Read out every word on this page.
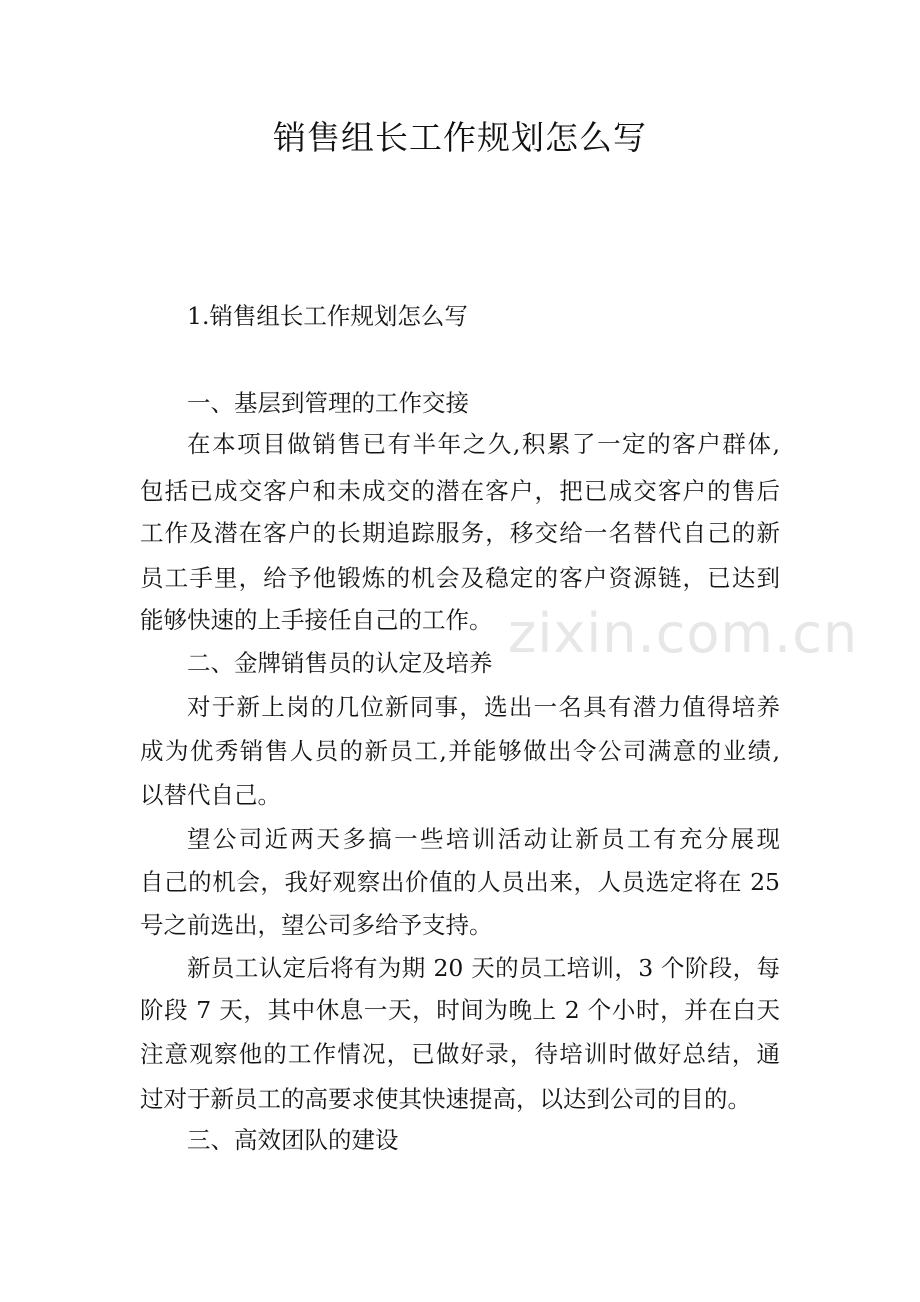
销售组长工作规划怎么写

1.销售组长工作规划怎么写

一、基层到管理的工作交接

在本项目做销售已有半年之久,积累了一定的客户群体,

包括已成交客户和未成交的潜在客户，把已成交客户的售后

工作及潜在客户的长期追踪服务，移交给一名替代自己的新

员工手里，给予他锻炼的机会及稳定的客户资源链，已达到

能够快速的上手接任自己的工作。

二、金牌销售员的认定及培养

对于新上岗的几位新同事，选出一名具有潜力值得培养

成为优秀销售人员的新员工,并能够做出令公司满意的业绩,

以替代自己。

望公司近两天多搞一些培训活动让新员工有充分展现

自己的机会，我好观察出价值的人员出来，人员选定将在 25

号之前选出，望公司多给予支持。

新员工认定后将有为期 20 天的员工培训，3 个阶段，每

阶段 7 天，其中休息一天，时间为晚上 2 个小时，并在白天

注意观察他的工作情况，已做好录，待培训时做好总结，通

过对于新员工的高要求使其快速提高，以达到公司的目的。

三、高效团队的建设

zixin.com.cn
